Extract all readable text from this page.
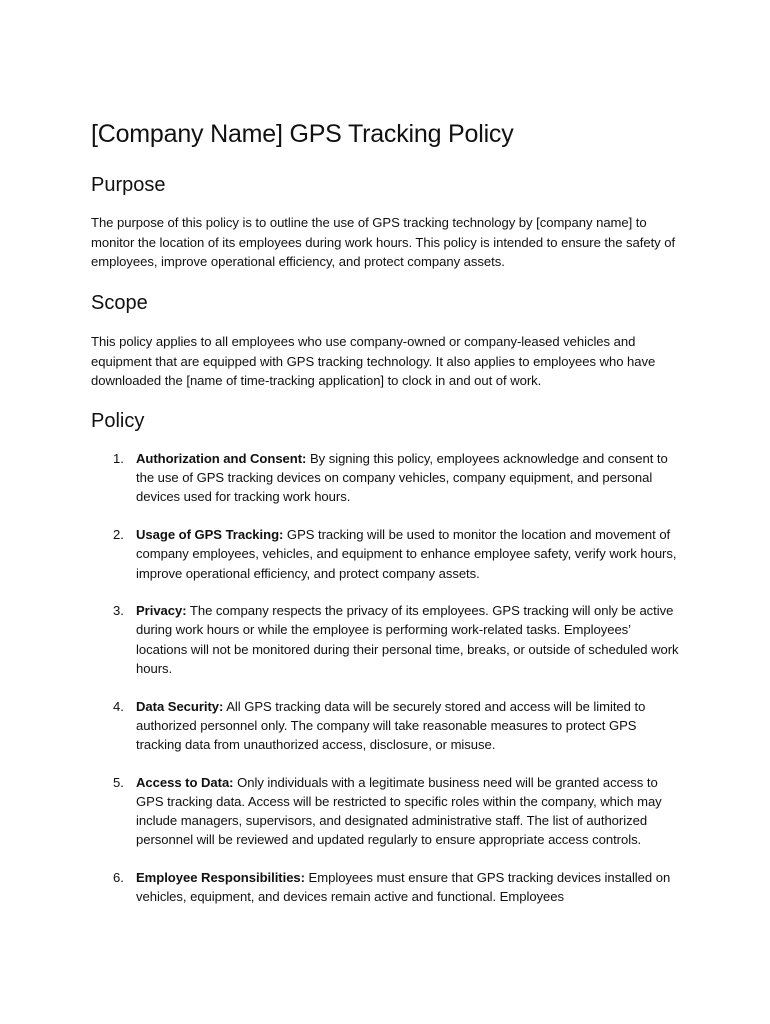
[Company Name] GPS Tracking Policy
Purpose

The purpose of this policy is to outline the use of GPS tracking technology by [company name] to monitor the location of its employees during work hours. This policy is intended to ensure the safety of employees, improve operational efficiency, and protect company assets.

Scope

This policy applies to all employees who use company-owned or company-leased vehicles and equipment that are equipped with GPS tracking technology. It also applies to employees who have downloaded the [name of time-tracking application] to clock in and out of work.

Policy
1. Authorization and Consent: By signing this policy, employees acknowledge and consent to the use of GPS tracking devices on company vehicles, company equipment, and personal devices used for tracking work hours.
2. Usage of GPS Tracking: GPS tracking will be used to monitor the location and movement of company employees, vehicles, and equipment to enhance employee safety, verify work hours, improve operational efficiency, and protect company assets.
3. Privacy: The company respects the privacy of its employees. GPS tracking will only be active during work hours or while the employee is performing work-related tasks. Employees’ locations will not be monitored during their personal time, breaks, or outside of scheduled work hours.
4. Data Security: All GPS tracking data will be securely stored and access will be limited to authorized personnel only. The company will take reasonable measures to protect GPS tracking data from unauthorized access, disclosure, or misuse.
5. Access to Data: Only individuals with a legitimate business need will be granted access to GPS tracking data. Access will be restricted to specific roles within the company, which may include managers, supervisors, and designated administrative staff. The list of authorized personnel will be reviewed and updated regularly to ensure appropriate access controls.
6. Employee Responsibilities: Employees must ensure that GPS tracking devices installed on vehicles, equipment, and devices remain active and functional. Employees
